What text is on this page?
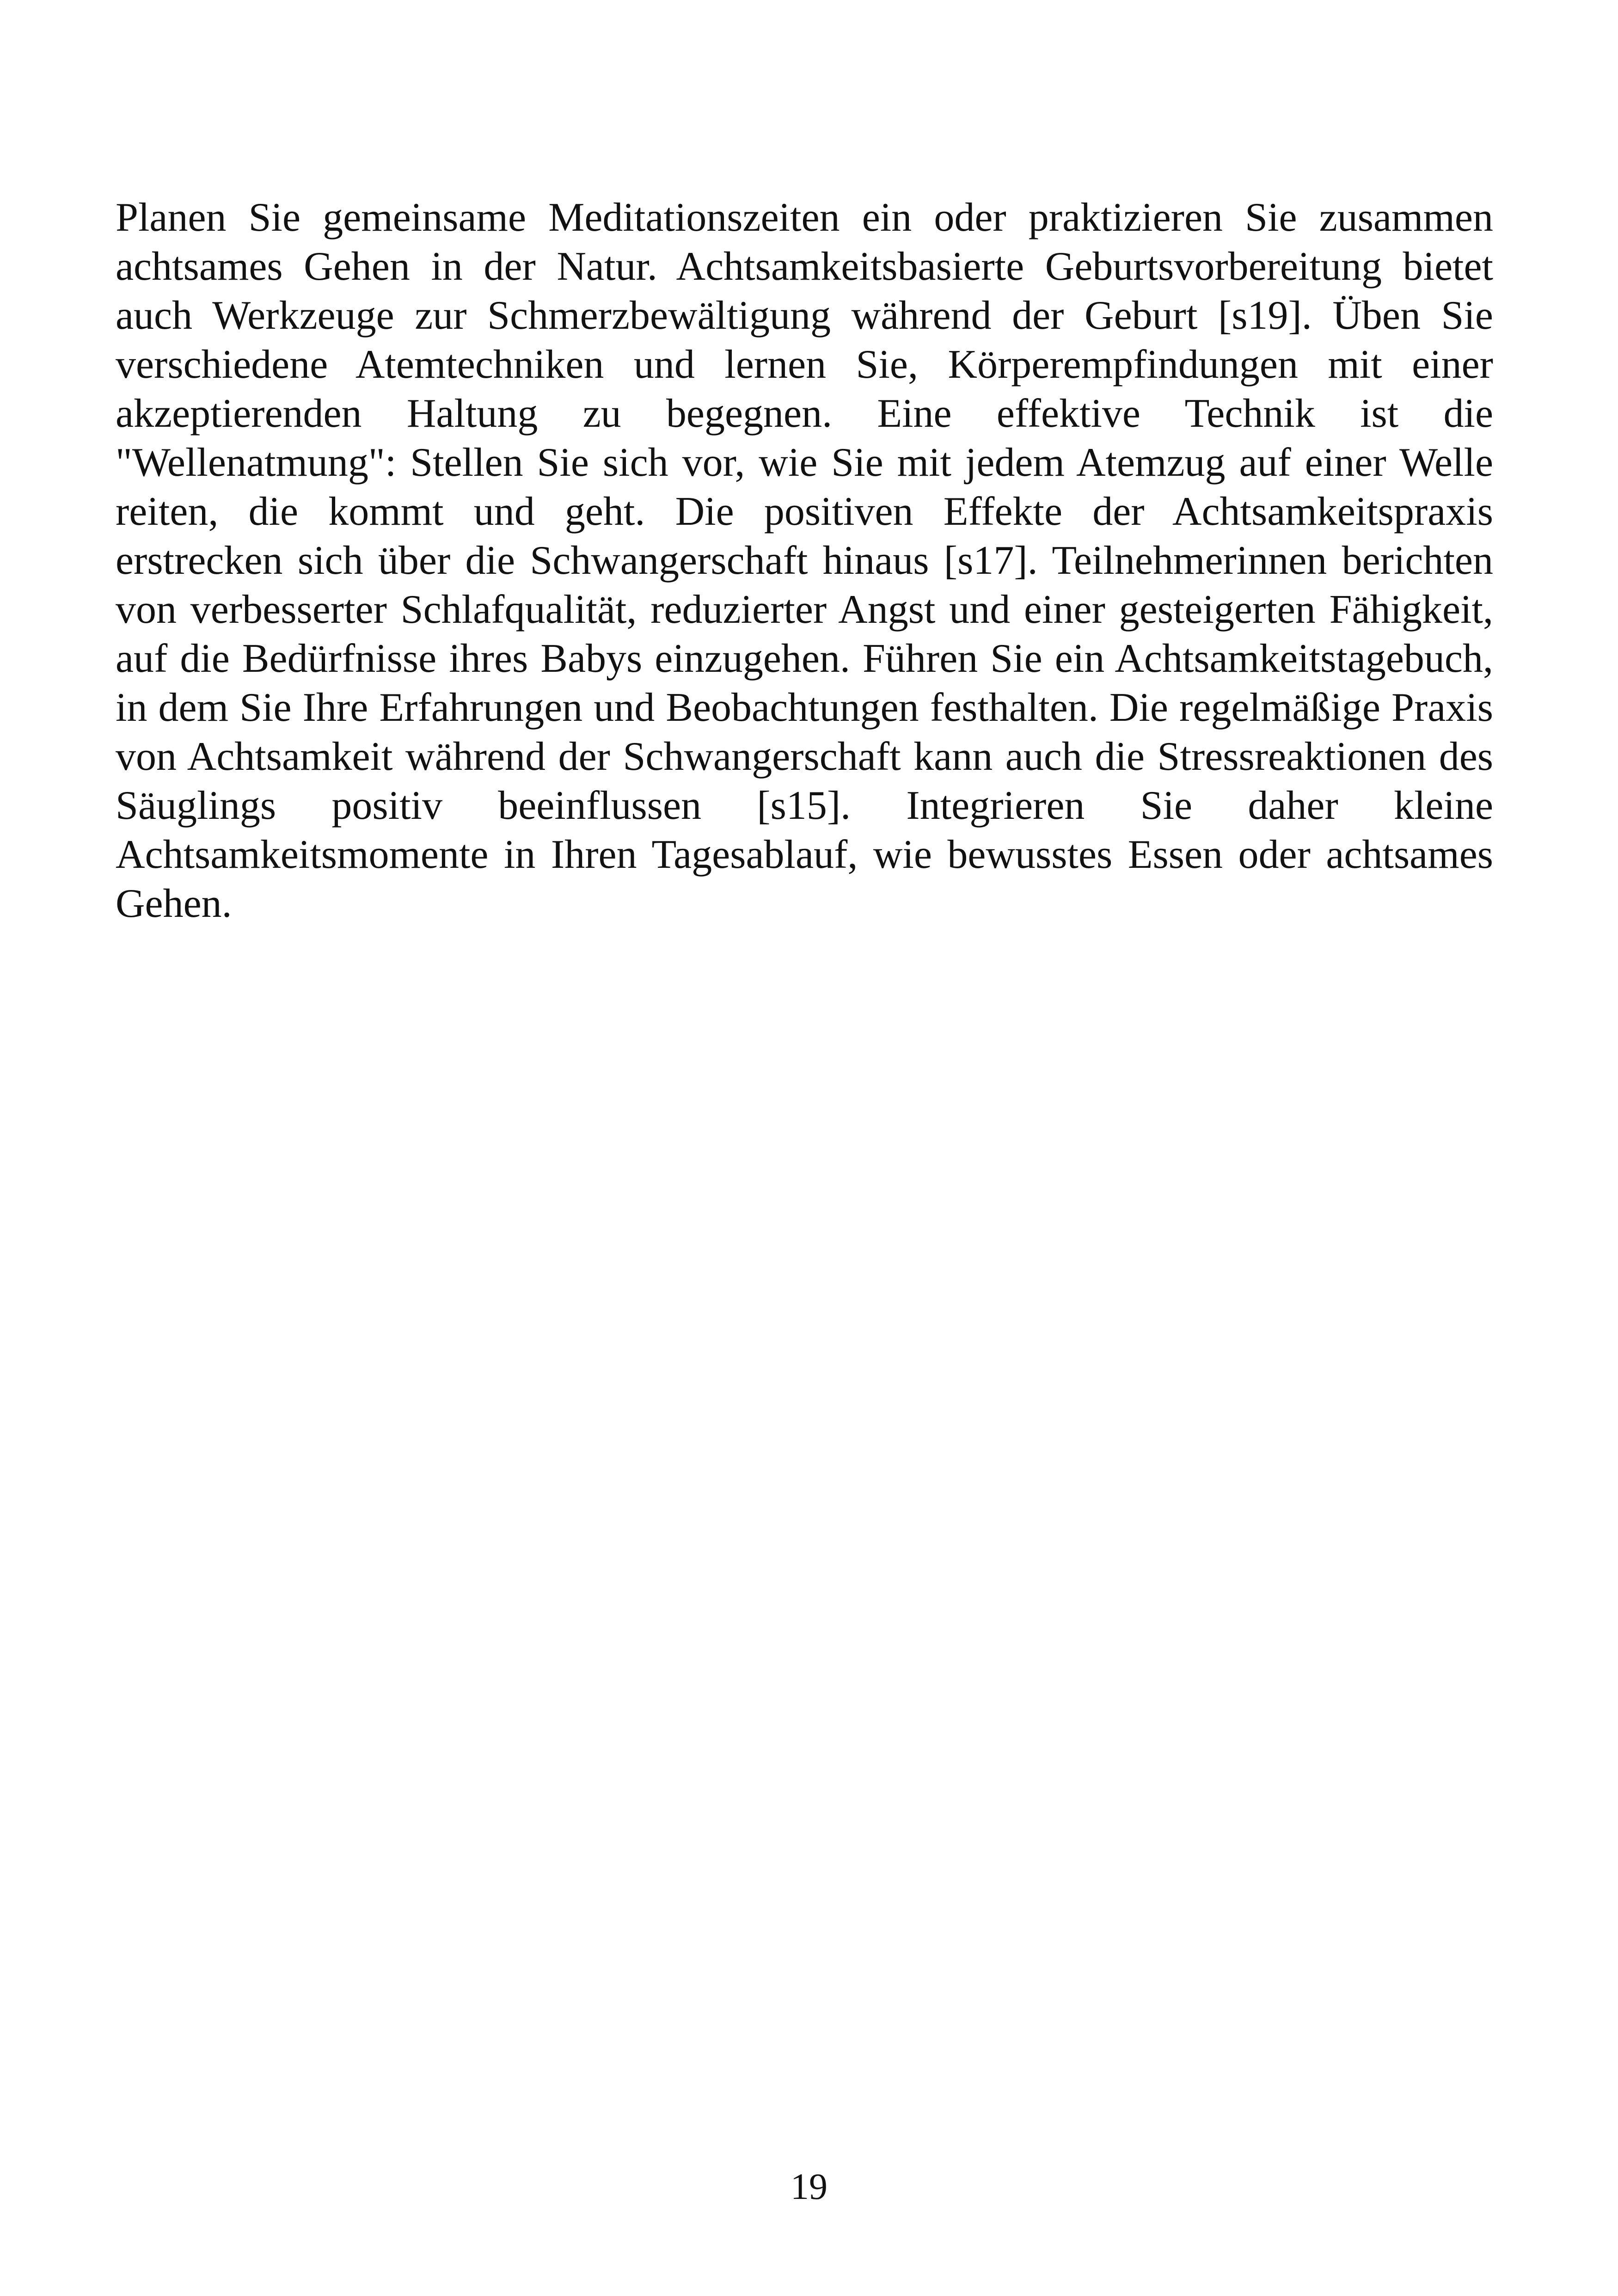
Planen Sie gemeinsame Meditationszeiten ein oder praktizieren Sie zusammen achtsames Gehen in der Natur. Achtsamkeitsbasierte Geburtsvorbereitung bietet auch Werkzeuge zur Schmerzbewältigung während der Geburt [s19]. Üben Sie verschiedene Atemtechniken und lernen Sie, Körperempfindungen mit einer akzeptierenden Haltung zu begegnen. Eine effektive Technik ist die "Wellenatmung": Stellen Sie sich vor, wie Sie mit jedem Atemzug auf einer Welle reiten, die kommt und geht. Die positiven Effekte der Achtsamkeitspraxis erstrecken sich über die Schwangerschaft hinaus [s17]. Teilnehmerinnen berichten von verbesserter Schlafqualität, reduzierter Angst und einer gesteigerten Fähigkeit, auf die Bedürfnisse ihres Babys einzugehen. Führen Sie ein Achtsamkeitstagebuch, in dem Sie Ihre Erfahrungen und Beobachtungen festhalten. Die regelmäßige Praxis von Achtsamkeit während der Schwangerschaft kann auch die Stressreaktionen des Säuglings positiv beeinflussen [s15]. Integrieren Sie daher kleine Achtsamkeitsmomente in Ihren Tagesablauf, wie bewusstes Essen oder achtsames Gehen.

19
